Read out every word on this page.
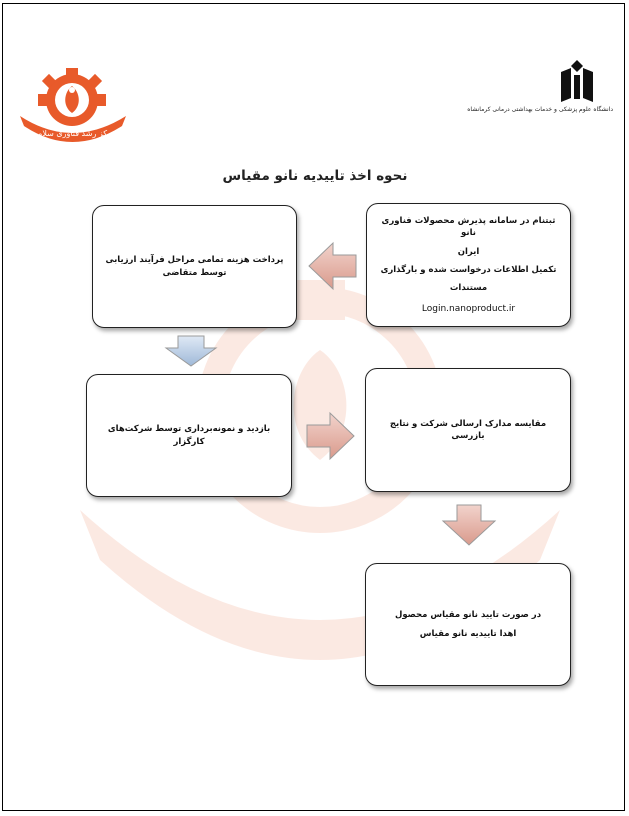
مرکز رشد فناوری سلامت
دانشگاه علوم پزشکی و خدمات بهداشتی درمانی کرمانشاه
نحوه اخذ تاییدیه نانو مقیاس

ثبتنام در سامانه پذیرش محصولات فناوری نانو

ایران

تکمیل اطلاعات درخواست شده و بارگذاری

مستندات

Login.nanoproduct.ir

پرداخت هزینه تمامی مراحل فرآیند ارزیابی توسط متقاضی

بازدید و نمونه‌برداری توسط شرکت‌های کارگزار

مقایسه مدارک ارسالی شرکت و نتایج بازرسی

در صورت تایید نانو مقیاس محصول

اهدا تاییدیه نانو مقیاس
